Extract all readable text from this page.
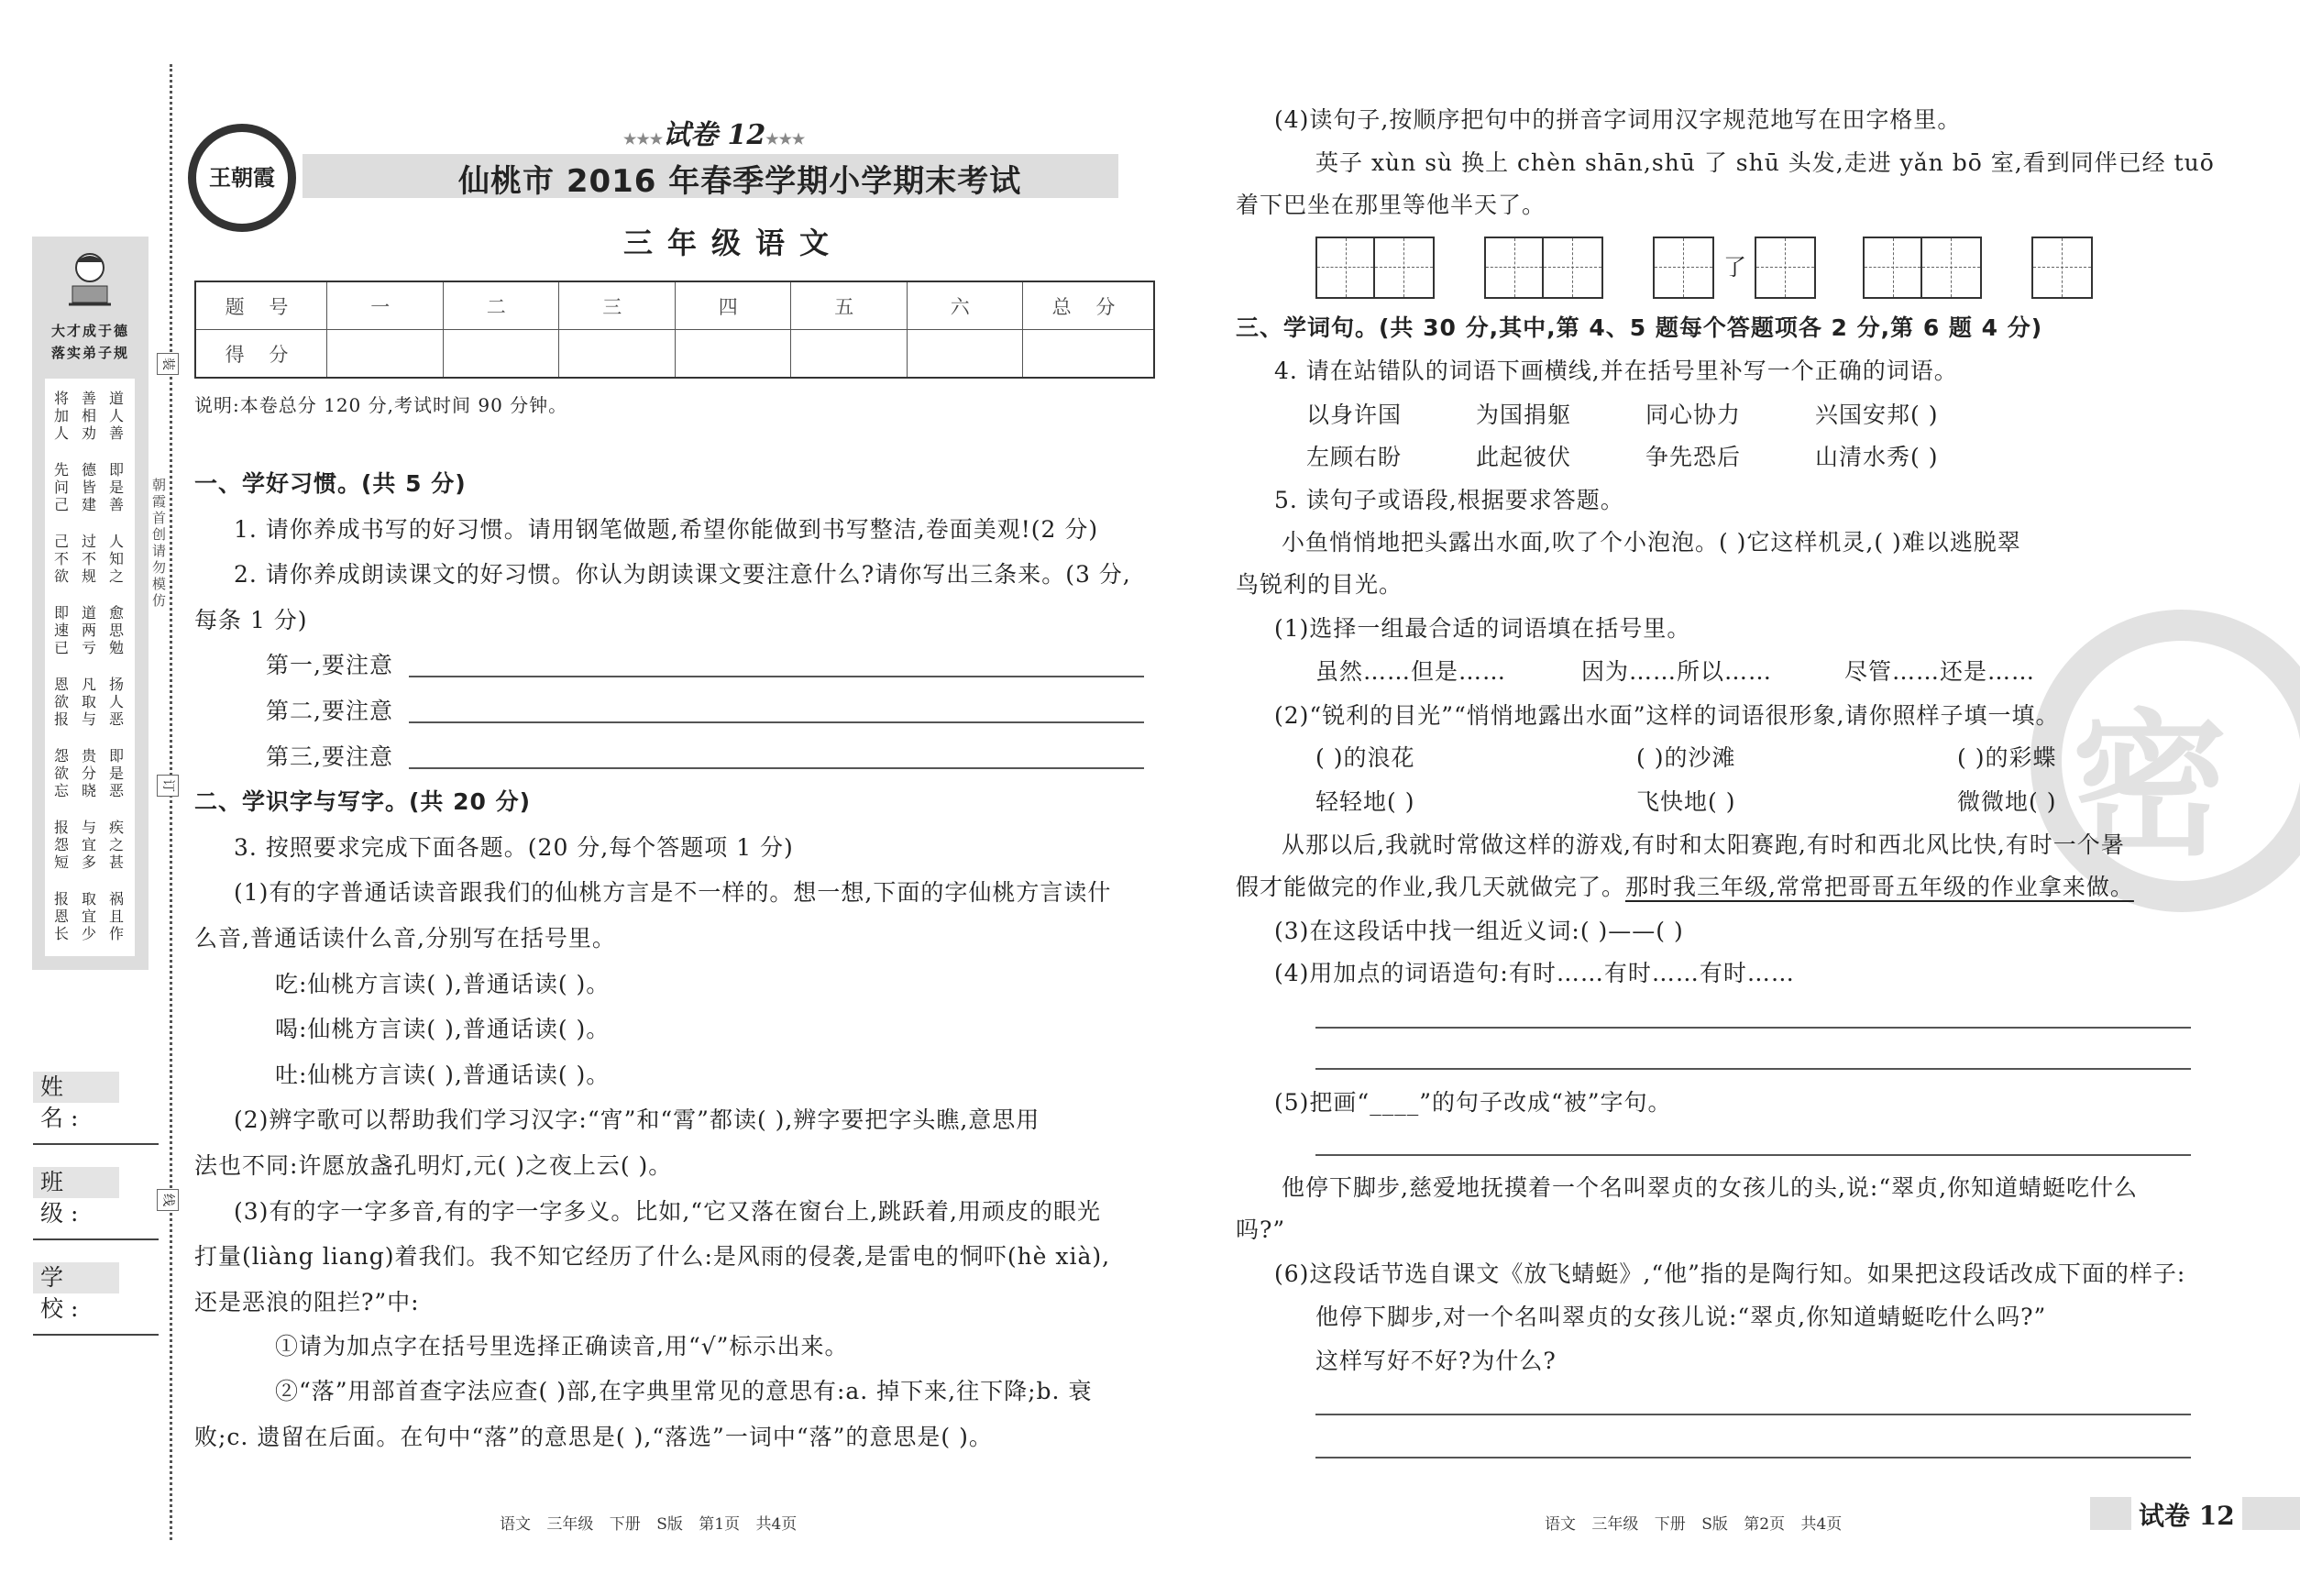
密
大才成于德
落实弟子规
将加人
善相劝
道人善
先问己
德皆建
即是善
己不欲
过不规
人知之
即速已
道两亏
愈思勉
恩欲报
凡取与
扬人恶
怨欲忘
贵分晓
即是恶
报怨短
与宜多
疾之甚
报恩长
取宜少
祸且作
朝霞首创 请勿模仿
装
订
线
姓 名:
班 级:
学 校:
王朝霞
★★★试卷 12★★★
仙桃市 2016 年春季学期小学期末考试
三年级语文
题 号	一	二	三	四	五	六	总 分
得 分							
说明:本卷总分 120 分,考试时间 90 分钟。
一、学好习惯。(共 5 分)
1. 请你养成书写的好习惯。请用钢笔做题,希望你能做到书写整洁,卷面美观!(2 分)
2. 请你养成朗读课文的好习惯。你认为朗读课文要注意什么?请你写出三条来。(3 分,
每条 1 分)
第一,要注意
第二,要注意
第三,要注意
二、学识字与写字。(共 20 分)
3. 按照要求完成下面各题。(20 分,每个答题项 1 分)
(1)有的字普通话读音跟我们的仙桃方言是不一样的。想一想,下面的字仙桃方言读什
么音,普通话读什么音,分别写在括号里。
吃:仙桃方言读( ),普通话读( )。
喝:仙桃方言读( ),普通话读( )。
吐:仙桃方言读( ),普通话读( )。
(2)辨字歌可以帮助我们学习汉字:“宵”和“霄”都读( ),辨字要把字头瞧,意思用
法也不同:许愿放盏孔明灯,元( )之夜上云( )。
(3)有的字一字多音,有的字一字多义。比如,“它又落在窗台上,跳跃着,用顽皮的眼光
打量(liàng liang)着我们。我不知它经历了什么:是风雨的侵袭,是雷电的恫吓(hè xià),
还是恶浪的阻拦?”中:
①请为加点字在括号里选择正确读音,用“√”标示出来。
②“落”用部首查字法应查( )部,在字典里常见的意思有:a. 掉下来,往下降;b. 衰
败;c. 遗留在后面。在句中“落”的意思是( ),“落选”一词中“落”的意思是( )。
语文 三年级 下册 S版 第1页 共4页
(4)读句子,按顺序把句中的拼音字词用汉字规范地写在田字格里。
英子 xùn sù 换上 chèn shān,shū 了 shū 头发,走进 yǎn bō 室,看到同伴已经 tuō
着下巴坐在那里等他半天了。
了
三、学词句。(共 30 分,其中,第 4、5 题每个答题项各 2 分,第 6 题 4 分)
4. 请在站错队的词语下画横线,并在括号里补写一个正确的词语。
以身许国	为国捐躯	同心协力	兴国安邦( )
左顾右盼	此起彼伏	争先恐后	山清水秀( )
5. 读句子或语段,根据要求答题。
小鱼悄悄地把头露出水面,吹了个小泡泡。( )它这样机灵,( )难以逃脱翠
鸟锐利的目光。
(1)选择一组最合适的词语填在括号里。
虽然……但是……	因为……所以……	尽管……还是……
(2)“锐利的目光”“悄悄地露出水面”这样的词语很形象,请你照样子填一填。
( )的浪花	( )的沙滩	( )的彩蝶
轻轻地( )	飞快地( )	微微地( )
从那以后,我就时常做这样的游戏,有时和太阳赛跑,有时和西北风比快,有时一个暑
假才能做完的作业,我几天就做完了。那时我三年级,常常把哥哥五年级的作业拿来做。
(3)在这段话中找一组近义词:( )——( )
(4)用加点的词语造句:有时……有时……有时……
(5)把画“____”的句子改成“被”字句。
他停下脚步,慈爱地抚摸着一个名叫翠贞的女孩儿的头,说:“翠贞,你知道蜻蜓吃什么
吗?”
(6)这段话节选自课文《放飞蜻蜓》,“他”指的是陶行知。如果把这段话改成下面的样子:
他停下脚步,对一个名叫翠贞的女孩儿说:“翠贞,你知道蜻蜓吃什么吗?”
这样写好不好?为什么?
语文 三年级 下册 S版 第2页 共4页	试卷 12
